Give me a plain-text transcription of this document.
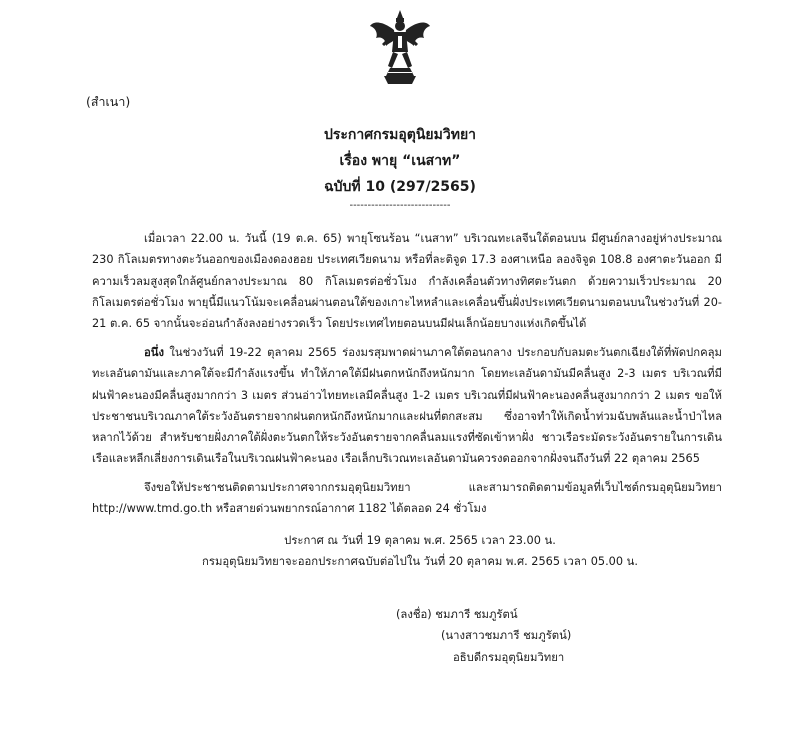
(สำเนา)
ประกาศกรมอุตุนิยมวิทยา
เรื่อง พายุ “เนสาท”
ฉบับที่ 10 (297/2565)
----------------------------
เมื่อเวลา 22.00 น. วันนี้ (19 ต.ค. 65) พายุโซนร้อน “เนสาท” บริเวณทะเลจีนใต้ตอนบน มีศูนย์กลางอยู่ห่างประมาณ 230 กิโลเมตรทางตะวันออกของเมืองดองฮอย ประเทศเวียดนาม หรือที่ละติจูด 17.3 องศาเหนือ ลองจิจูด 108.8 องศาตะวันออก มีความเร็วลมสูงสุดใกล้ศูนย์กลางประมาณ 80 กิโลเมตรต่อชั่วโมง กำลังเคลื่อนตัวทางทิศตะวันตก ด้วยความเร็วประมาณ 20 กิโลเมตรต่อชั่วโมง พายุนี้มีแนวโน้มจะเคลื่อนผ่านตอนใต้ของเกาะไหหลำและเคลื่อนขึ้นฝั่งประเทศเวียดนามตอนบนในช่วงวันที่ 20-21 ต.ค. 65 จากนั้นจะอ่อนกำลังลงอย่างรวดเร็ว โดยประเทศไทยตอนบนมีฝนเล็กน้อยบางแห่งเกิดขึ้นได้
อนึ่ง ในช่วงวันที่ 19-22 ตุลาคม 2565 ร่องมรสุมพาดผ่านภาคใต้ตอนกลาง ประกอบกับลมตะวันตกเฉียงใต้ที่พัดปกคลุมทะเลอันดามันและภาคใต้จะมีกำลังแรงขึ้น ทำให้ภาคใต้มีฝนตกหนักถึงหนักมาก โดยทะเลอันดามันมีคลื่นสูง 2-3 เมตร บริเวณที่มีฝนฟ้าคะนองมีคลื่นสูงมากกว่า 3 เมตร ส่วนอ่าวไทยทะเลมีคลื่นสูง 1-2 เมตร บริเวณที่มีฝนฟ้าคะนองคลื่นสูงมากกว่า 2 เมตร ขอให้ประชาชนบริเวณภาคใต้ระวังอันตรายจากฝนตกหนักถึงหนักมากและฝนที่ตกสะสม ซึ่งอาจทำให้เกิดน้ำท่วมฉับพลันและน้ำป่าไหลหลากไว้ด้วย สำหรับชายฝั่งภาคใต้ฝั่งตะวันตกให้ระวังอันตรายจากคลื่นลมแรงที่ซัดเข้าหาฝั่ง ชาวเรือระมัดระวังอันตรายในการเดินเรือและหลีกเลี่ยงการเดินเรือในบริเวณฝนฟ้าคะนอง เรือเล็กบริเวณทะเลอันดามันควรงดออกจากฝั่งจนถึงวันที่ 22 ตุลาคม 2565
จึงขอให้ประชาชนติดตามประกาศจากกรมอุตุนิยมวิทยา และสามารถติดตามข้อมูลที่เว็บไซต์กรมอุตุนิยมวิทยา http://www.tmd.go.th หรือสายด่วนพยากรณ์อากาศ 1182 ได้ตลอด 24 ชั่วโมง
ประกาศ ณ วันที่ 19 ตุลาคม พ.ศ. 2565 เวลา 23.00 น.
กรมอุตุนิยมวิทยาจะออกประกาศฉบับต่อไปใน วันที่ 20 ตุลาคม พ.ศ. 2565 เวลา 05.00 น.
(ลงชื่อ) ชมภารี ชมภูรัตน์
(นางสาวชมภารี ชมภูรัตน์)
อธิบดีกรมอุตุนิยมวิทยา
